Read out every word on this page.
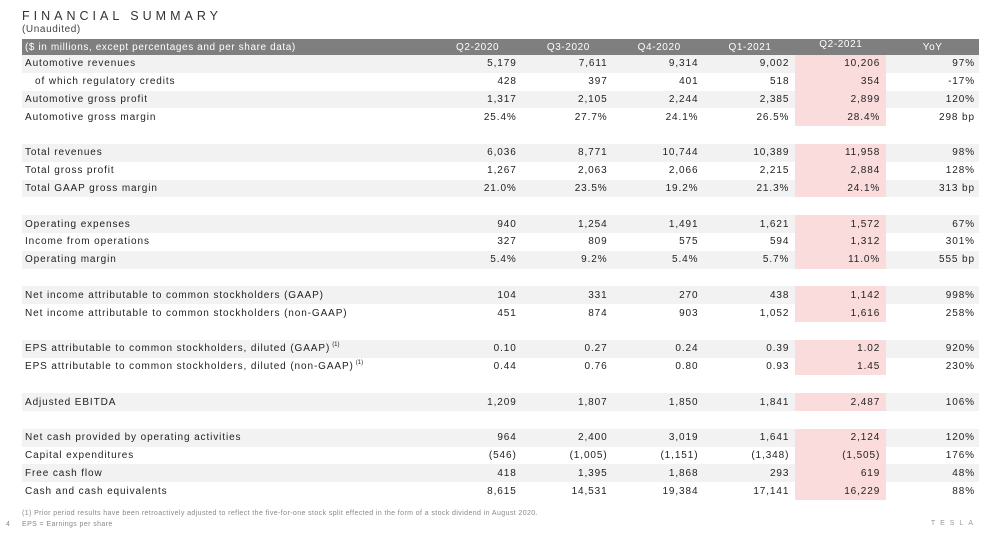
FINANCIAL SUMMARY
(Unaudited)
($ in millions, except percentages and per share data)	Q2-2020	Q3-2020	Q4-2020	Q1-2021	Q2-2021	YoY
Automotive revenues	5,179	7,611	9,314	9,002	10,206	97%
of which regulatory credits	428	397	401	518	354	-17%
Automotive gross profit	1,317	2,105	2,244	2,385	2,899	120%
Automotive gross margin	25.4%	27.7%	24.1%	26.5%	28.4%	298 bp
Total revenues	6,036	8,771	10,744	10,389	11,958	98%
Total gross profit	1,267	2,063	2,066	2,215	2,884	128%
Total GAAP gross margin	21.0%	23.5%	19.2%	21.3%	24.1%	313 bp
Operating expenses	940	1,254	1,491	1,621	1,572	67%
Income from operations	327	809	575	594	1,312	301%
Operating margin	5.4%	9.2%	5.4%	5.7%	11.0%	555 bp
Net income attributable to common stockholders (GAAP)	104	331	270	438	1,142	998%
Net income attributable to common stockholders (non-GAAP)	451	874	903	1,052	1,616	258%
EPS attributable to common stockholders, diluted (GAAP) $^{(1)}$	0.10	0.27	0.24	0.39	1.02	920%
EPS attributable to common stockholders, diluted (non-GAAP) $^{(1)}$	0.44	0.76	0.80	0.93	1.45	230%
Adjusted EBITDA	1,209	1,807	1,850	1,841	2,487	106%
Net cash provided by operating activities	964	2,400	3,019	1,641	2,124	120%
Capital expenditures	(546)	(1,005)	(1,151)	(1,348)	(1,505)	176%
Free cash flow	418	1,395	1,868	293	619	48%
Cash and cash equivalents	8,615	14,531	19,384	17,141	16,229	88%
4
(1) Prior period results have been retroactively adjusted to reflect the five-for-one stock split effected in the form of a stock dividend in August 2020.
EPS = Earnings per share	TESLA
